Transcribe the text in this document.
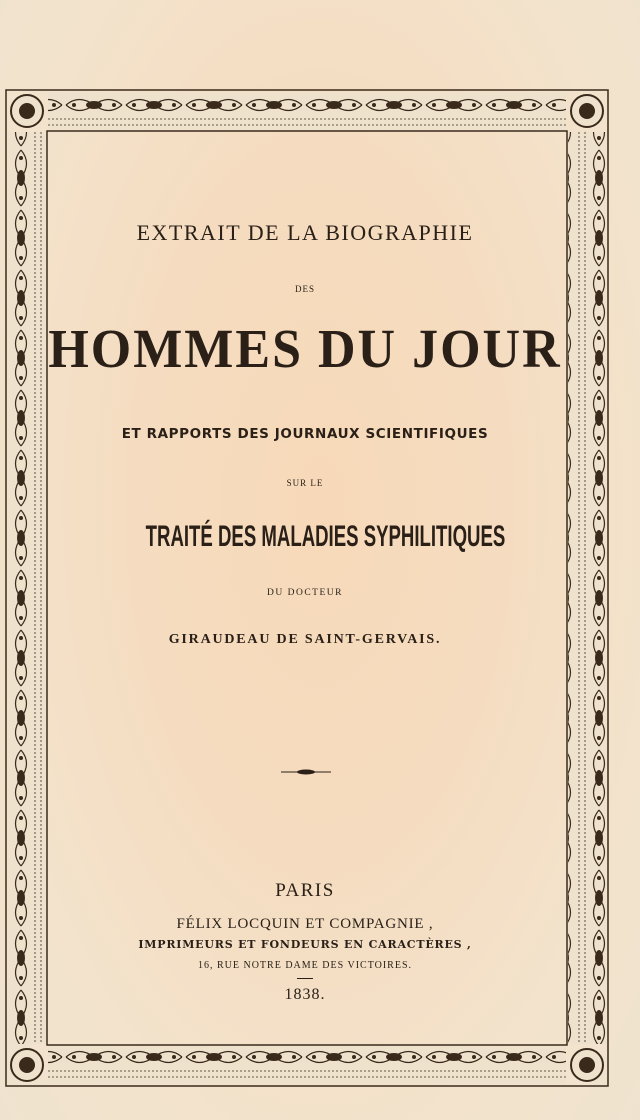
EXTRAIT DE LA BIOGRAPHIE
DES
HOMMES DU JOUR
ET RAPPORTS DES JOURNAUX SCIENTIFIQUES
SUR LE
TRAITÉ DES MALADIES SYPHILITIQUES
DU DOCTEUR
GIRAUDEAU DE SAINT-GERVAIS.
PARIS
FÉLIX LOCQUIN ET COMPAGNIE ,
IMPRIMEURS ET FONDEURS EN CARACTÈRES ,
16, RUE NOTRE DAME DES VICTOIRES.
1838.
